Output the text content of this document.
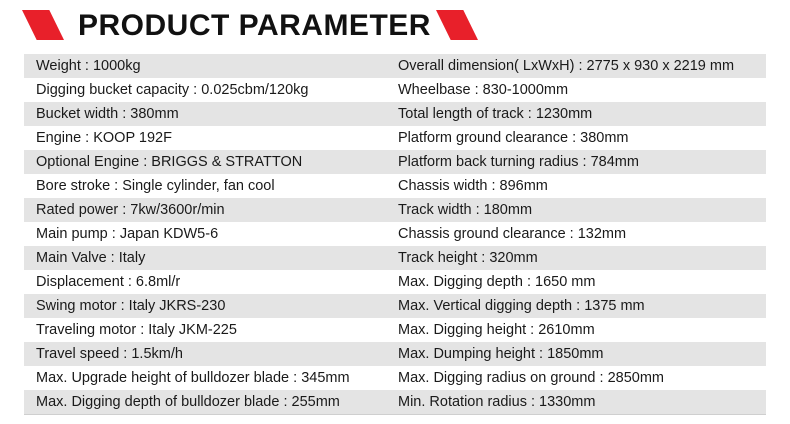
PRODUCT PARAMETER
Weight : 1000kg	Overall dimension( LxWxH) : 2775 x 930 x 2219 mm
Digging bucket capacity : 0.025cbm/120kg	Wheelbase : 830-1000mm
Bucket width : 380mm	Total length of track : 1230mm
Engine : KOOP 192F	Platform ground clearance : 380mm
Optional Engine : BRIGGS & STRATTON	Platform back turning radius : 784mm
Bore stroke : Single cylinder, fan cool	Chassis width : 896mm
Rated power : 7kw/3600r/min	Track width : 180mm
Main pump : Japan KDW5-6	Chassis ground clearance : 132mm
Main Valve : Italy	Track height : 320mm
Displacement : 6.8ml/r	Max. Digging depth : 1650 mm
Swing motor : Italy JKRS-230	Max. Vertical digging depth : 1375 mm
Traveling motor : Italy JKM-225	Max. Digging height : 2610mm
Travel speed : 1.5km/h	Max. Dumping height : 1850mm
Max. Upgrade height of bulldozer blade : 345mm	Max. Digging radius on ground : 2850mm
Max. Digging depth of bulldozer blade : 255mm	Min. Rotation radius : 1330mm
